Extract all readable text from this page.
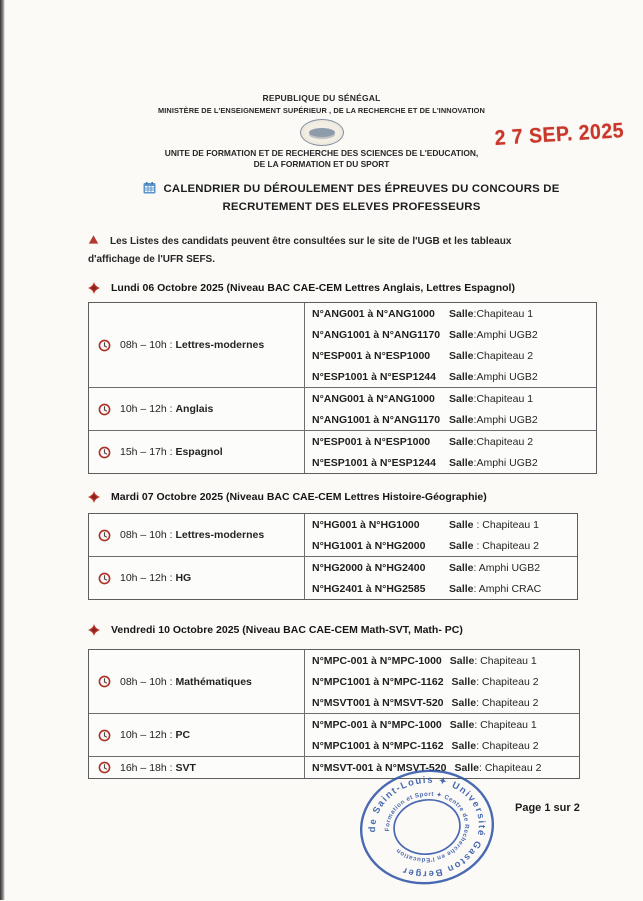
REPUBLIQUE DU SÉNÉGAL
MINISTÈRE DE L'ENSEIGNEMENT SUPÉRIEUR , DE LA RECHERCHE ET DE L'INNOVATION
UNITE DE FORMATION ET DE RECHERCHE DES SCIENCES DE L'EDUCATION,
DE LA FORMATION ET DU SPORT
2 7 SEP. 2025
CALENDRIER DU DÉROULEMENT DES ÉPREUVES DU CONCOURS DE
RECRUTEMENT DES ELEVES PROFESSEURS
Les Listes des candidats peuvent être consultées sur le site de l'UGB et les tableaux
d'affichage de l'UFR SEFS.
Lundi 06 Octobre 2025 (Niveau BAC CAE-CEM Lettres Anglais, Lettres Espagnol)
08h – 10h : Lettres-modernes
N°ANG001 à N°ANG1000	Salle:Chapiteau 1
N°ANG1001 à N°ANG1170 Salle:Amphi UGB2
N°ESP001 à N°ESP1000	Salle:Chapiteau 2
N°ESP1001 à N°ESP1244	Salle:Amphi UGB2
10h – 12h : Anglais
N°ANG001 à N°ANG1000	Salle:Chapiteau 1
N°ANG1001 à N°ANG1170 Salle:Amphi UGB2
15h – 17h : Espagnol
N°ESP001 à N°ESP1000	Salle:Chapiteau 2
N°ESP1001 à N°ESP1244	Salle:Amphi UGB2
Mardi 07 Octobre 2025 (Niveau BAC CAE-CEM Lettres Histoire-Géographie)
08h – 10h : Lettres-modernes
N°HG001 à N°HG1000	Salle : Chapiteau 1
N°HG1001 à N°HG2000	Salle : Chapiteau 2
10h – 12h : HG
N°HG2000 à N°HG2400	Salle: Amphi UGB2
N°HG2401 à N°HG2585	Salle: Amphi CRAC
Vendredi 10 Octobre 2025 (Niveau BAC CAE-CEM Math-SVT, Math- PC)
08h – 10h : Mathématiques
N°MPC-001 à N°MPC-1000 Salle: Chapiteau 1
N°MPC1001 à N°MPC-1162 Salle: Chapiteau 2
N°MSVT001 à N°MSVT-520 Salle: Chapiteau 2
10h – 12h : PC
N°MPC-001 à N°MPC-1000 Salle: Chapiteau 1
N°MPC1001 à N°MPC-1162 Salle: Chapiteau 2
16h – 18h : SVT	N°MSVT-001 à N°MSVT-520 Salle: Chapiteau 2
Page 1 sur 2
de Saint-Louis ✦ Université Gaston Berger
Formation et Sport ✦ Centre de Recherche en l'Education
